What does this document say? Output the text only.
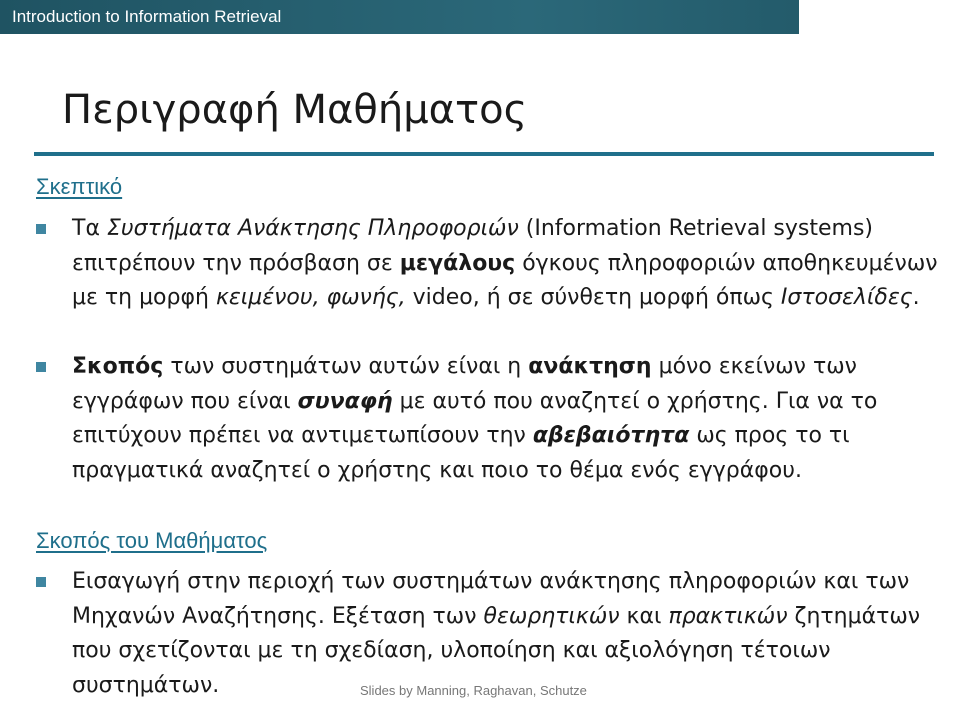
Introduction to Information Retrieval
Περιγραφή Μαθήματος
Σκεπτικό

Τα Συστήματα Ανάκτησης Πληροφοριών (Information Retrieval systems) επιτρέπουν την πρόσβαση σε μεγάλους όγκους πληροφοριών αποθηκευμένων με τη μορφή κειμένου, φωνής, video, ή σε σύνθετη μορφή όπως Ιστοσελίδες.

Σκοπός των συστημάτων αυτών είναι η ανάκτηση μόνο εκείνων των εγγράφων που είναι συναφή με αυτό που αναζητεί ο χρήστης. Για να το επιτύχουν πρέπει να αντιμετωπίσουν την αβεβαιότητα ως προς το τι πραγματικά αναζητεί ο χρήστης και ποιο το θέμα ενός εγγράφου.

Σκοπός του Μαθήματος

Εισαγωγή στην περιοχή των συστημάτων ανάκτησης πληροφοριών και των Μηχανών Αναζήτησης. Εξέταση των θεωρητικών και πρακτικών ζητημάτων που σχετίζονται με τη σχεδίαση, υλοποίηση και αξιολόγηση τέτοιων συστημάτων.	Slides by Manning, Raghavan, Schutze
